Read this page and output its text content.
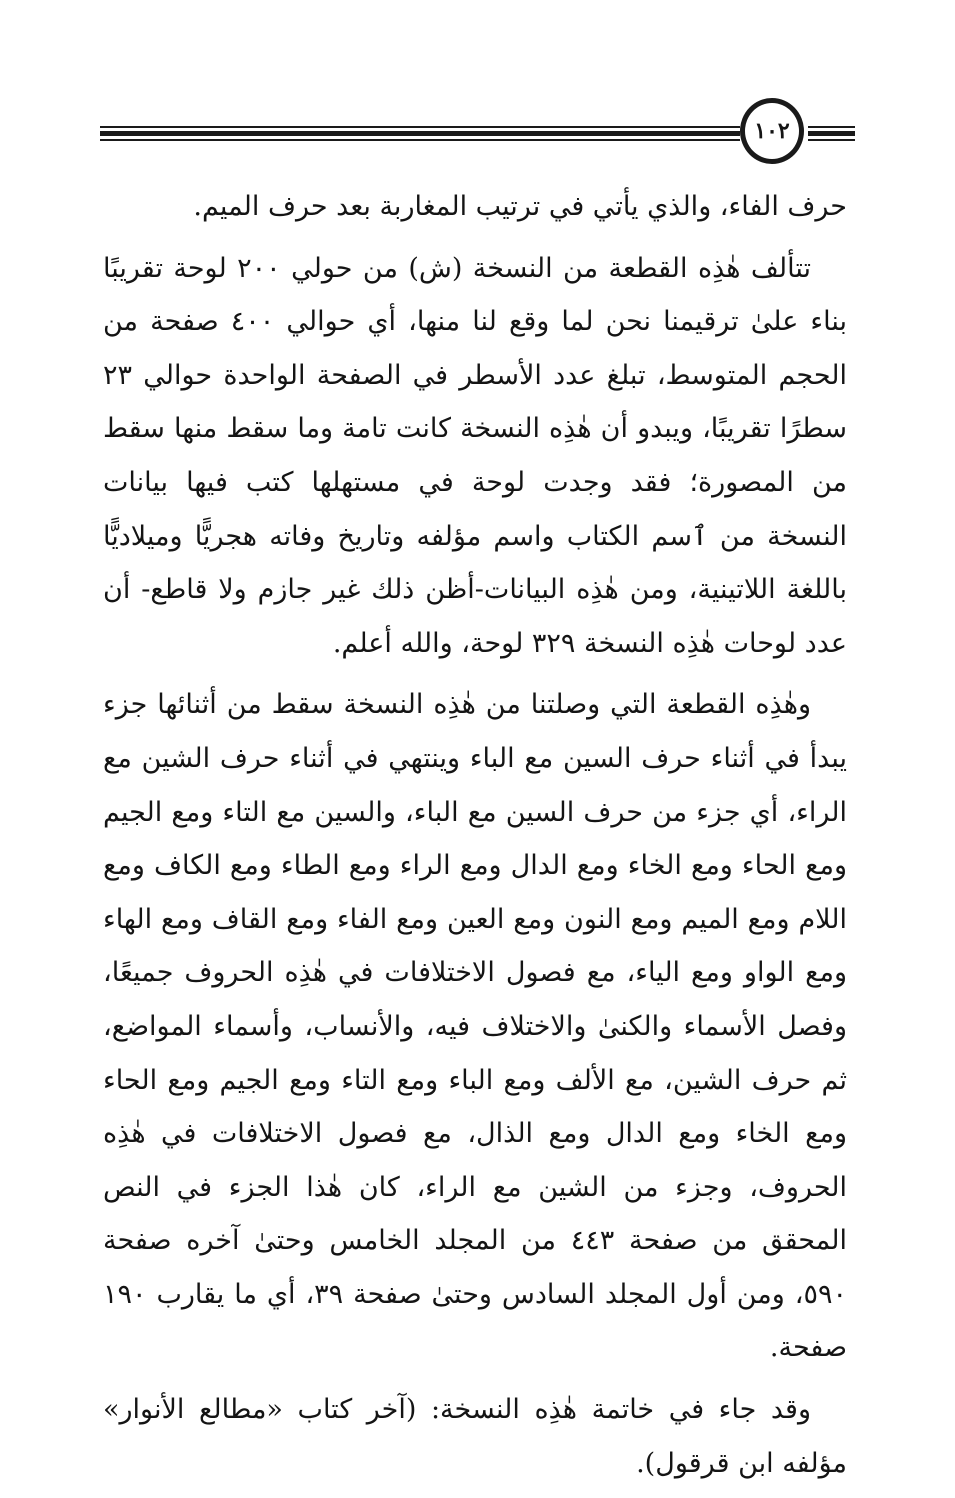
١٠٢

حرف الفاء، والذي يأتي في ترتيب المغاربة بعد حرف الميم.

تتألف هٰذِه القطعة من النسخة (ش) من حولي ٢٠٠ لوحة تقريبًا بناء علىٰ ترقيمنا نحن لما وقع لنا منها، أي حوالي ٤٠٠ صفحة من الحجم المتوسط، تبلغ عدد الأسطر في الصفحة الواحدة حوالي ٢٣ سطرًا تقريبًا، ويبدو أن هٰذِه النسخة كانت تامة وما سقط منها سقط من المصورة؛ فقد وجدت لوحة في مستهلها كتب فيها بيانات النسخة من ٱسم الكتاب واسم مؤلفه وتاريخ وفاته هجريًّا وميلاديًّا باللغة اللاتينية، ومن هٰذِه البيانات-أظن ذلك غير جازم ولا قاطع- أن عدد لوحات هٰذِه النسخة ٣٢٩ لوحة، والله أعلم.

وهٰذِه القطعة التي وصلتنا من هٰذِه النسخة سقط من أثنائها جزء يبدأ في أثناء حرف السين مع الباء وينتهي في أثناء حرف الشين مع الراء، أي جزء من حرف السين مع الباء، والسين مع التاء ومع الجيم ومع الحاء ومع الخاء ومع الدال ومع الراء ومع الطاء ومع الكاف ومع اللام ومع الميم ومع النون ومع العين ومع الفاء ومع القاف ومع الهاء ومع الواو ومع الياء، مع فصول الاختلافات في هٰذِه الحروف جميعًا، وفصل الأسماء والكنىٰ والاختلاف فيه، والأنساب، وأسماء المواضع، ثم حرف الشين، مع الألف ومع الباء ومع التاء ومع الجيم ومع الحاء ومع الخاء ومع الدال ومع الذال، مع فصول الاختلافات في هٰذِه الحروف، وجزء من الشين مع الراء، كان هٰذا الجزء في النص المحقق من صفحة ٤٤٣ من المجلد الخامس وحتىٰ آخره صفحة ٥٩٠، ومن أول المجلد السادس وحتىٰ صفحة ٣٩، أي ما يقارب ١٩٠ صفحة.

وقد جاء في خاتمة هٰذِه النسخة: (آخر كتاب «مطالع الأنوار» مؤلفه ابن قرقول).
